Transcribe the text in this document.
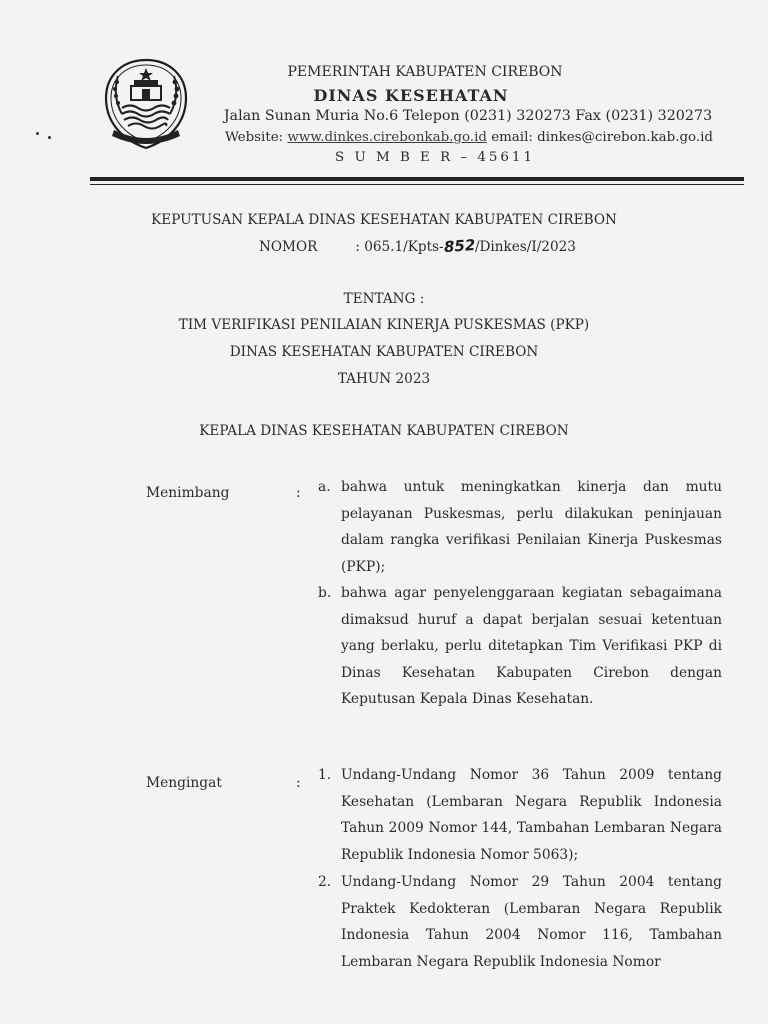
PEMERINTAH KABUPATEN CIREBON
DINAS KESEHATAN
Jalan Sunan Muria No.6 Telepon (0231) 320273 Fax (0231) 320273
Website: www.dinkes.cirebonkab.go.id email: dinkes@cirebon.kab.go.id
S U M B E R – 45611
KEPUTUSAN KEPALA DINAS KESEHATAN KABUPATEN CIREBON
NOMOR	: 065.1/Kpts-852/Dinkes/I/2023
TENTANG :
TIM VERIFIKASI PENILAIAN KINERJA PUSKESMAS (PKP)
DINAS KESEHATAN KABUPATEN CIREBON
TAHUN 2023
KEPALA DINAS KESEHATAN KABUPATEN CIREBON
Menimbang	: a. bahwa untuk meningkatkan kinerja dan mutu pelayanan Puskesmas, perlu dilakukan peninjauan dalam rangka verifikasi Penilaian Kinerja Puskesmas (PKP);
b. bahwa agar penyelenggaraan kegiatan sebagaimana dimaksud huruf a dapat berjalan sesuai ketentuan yang berlaku, perlu ditetapkan Tim Verifikasi PKP di Dinas Kesehatan Kabupaten Cirebon dengan Keputusan Kepala Dinas Kesehatan.
Mengingat	: 1. Undang-Undang Nomor 36 Tahun 2009 tentang Kesehatan (Lembaran Negara Republik Indonesia Tahun 2009 Nomor 144, Tambahan Lembaran Negara Republik Indonesia Nomor 5063);
2. Undang-Undang Nomor 29 Tahun 2004 tentang Praktek Kedokteran (Lembaran Negara Republik Indonesia Tahun 2004 Nomor 116, Tambahan Lembaran Negara Republik Indonesia Nomor
